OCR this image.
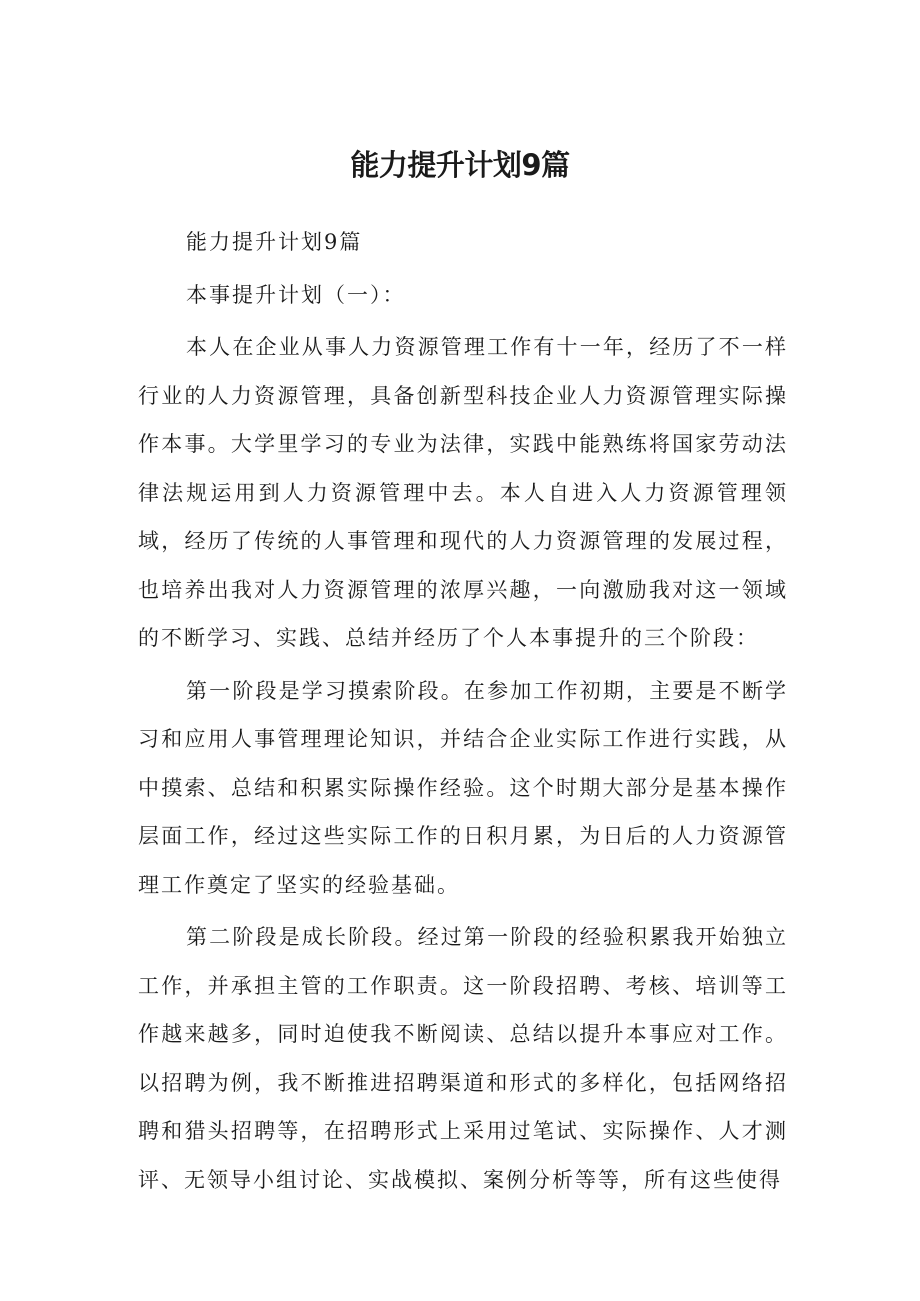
能力提升计划9篇

能力提升计划9篇

本事提升计划（一）：

本人在企业从事人力资源管理工作有十一年，经历了不一样行业的人力资源管理，具备创新型科技企业人力资源管理实际操作本事。大学里学习的专业为法律，实践中能熟练将国家劳动法律法规运用到人力资源管理中去。本人自进入人力资源管理领域，经历了传统的人事管理和现代的人力资源管理的发展过程，也培养出我对人力资源管理的浓厚兴趣，一向激励我对这一领域的不断学习、实践、总结并经历了个人本事提升的三个阶段：

第一阶段是学习摸索阶段。在参加工作初期，主要是不断学习和应用人事管理理论知识，并结合企业实际工作进行实践，从中摸索、总结和积累实际操作经验。这个时期大部分是基本操作层面工作，经过这些实际工作的日积月累，为日后的人力资源管理工作奠定了坚实的经验基础。

第二阶段是成长阶段。经过第一阶段的经验积累我开始独立工作，并承担主管的工作职责。这一阶段招聘、考核、培训等工作越来越多，同时迫使我不断阅读、总结以提升本事应对工作。以招聘为例，我不断推进招聘渠道和形式的多样化，包括网络招聘和猎头招聘等，在招聘形式上采用过笔试、实际操作、人才测评、无领导小组讨论、实战模拟、案例分析等等，所有这些使得
